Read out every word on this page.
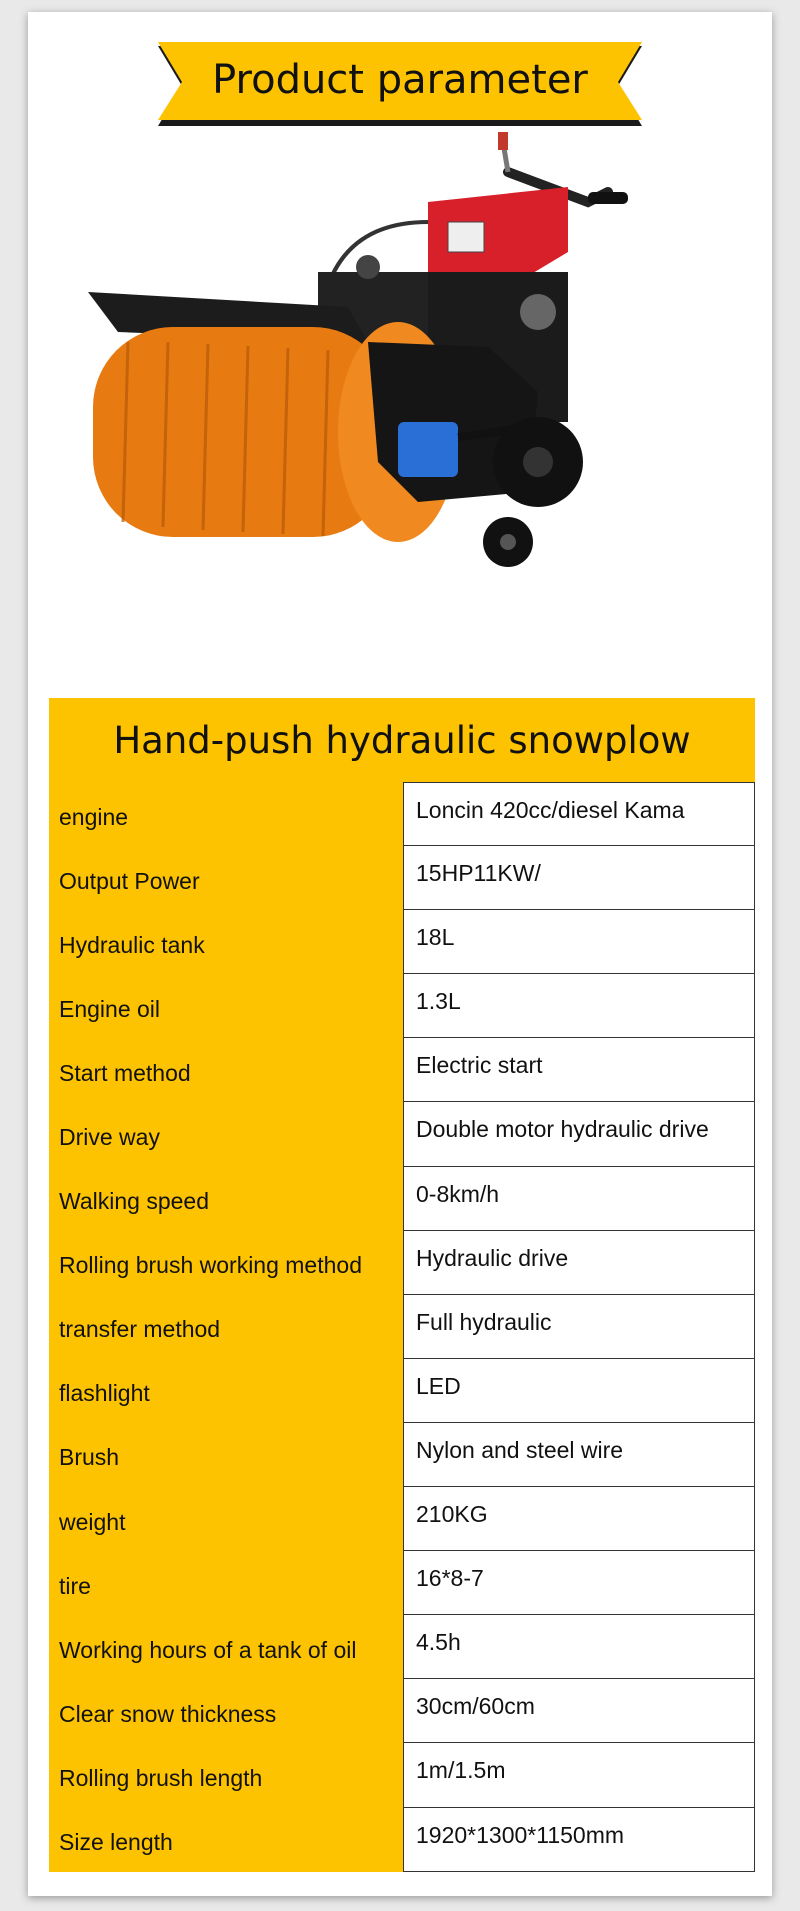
Product parameter
Hand-push hydraulic snowplow
engine	Loncin 420cc/diesel Kama
Output Power	15HP11KW/
Hydraulic tank	18L
Engine oil	1.3L
Start method	Electric start
Drive way	Double motor hydraulic drive
Walking speed	0-8km/h
Rolling brush working method	Hydraulic drive
transfer method	Full hydraulic
flashlight	LED
Brush	Nylon and steel wire
weight	210KG
tire	16*8-7
Working hours of a tank of oil	4.5h
Clear snow thickness	30cm/60cm
Rolling brush length	1m/1.5m
Size length	1920*1300*1150mm
